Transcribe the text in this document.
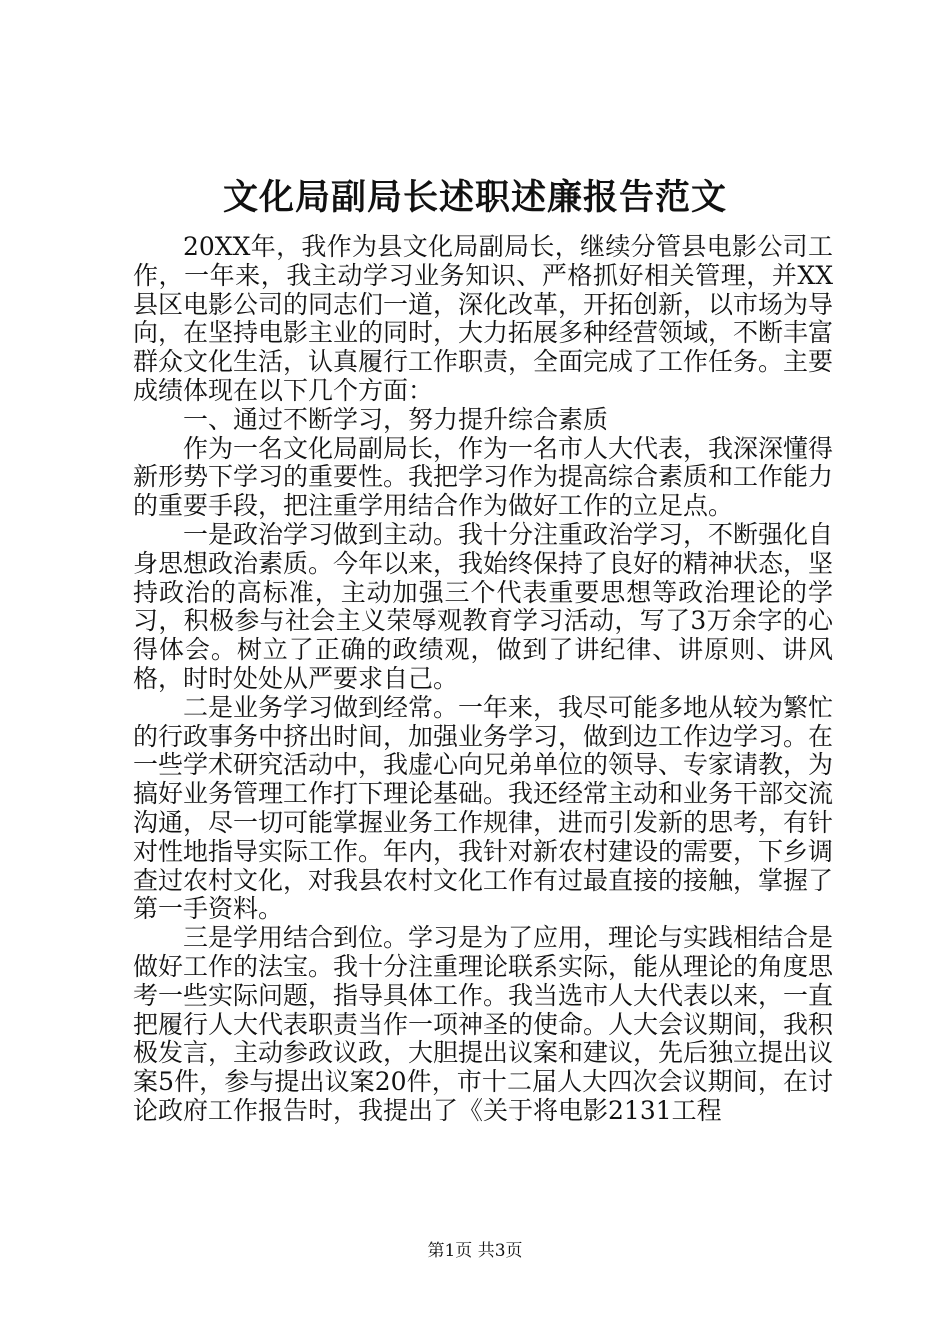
文化局副局长述职述廉报告范文

20XX年，我作为县文化局副局长，继续分管县电影公司工作，一年来，我主动学习业务知识、严格抓好相关管理，并XX县区电影公司的同志们一道，深化改革，开拓创新，以市场为导向，在坚持电影主业的同时，大力拓展多种经营领域，不断丰富群众文化生活，认真履行工作职责，全面完成了工作任务。主要成绩体现在以下几个方面：

一、通过不断学习，努力提升综合素质

作为一名文化局副局长，作为一名市人大代表，我深深懂得新形势下学习的重要性。我把学习作为提高综合素质和工作能力的重要手段，把注重学用结合作为做好工作的立足点。

一是政治学习做到主动。我十分注重政治学习，不断强化自身思想政治素质。今年以来，我始终保持了良好的精神状态，坚持政治的高标准，主动加强三个代表重要思想等政治理论的学习，积极参与社会主义荣辱观教育学习活动，写了3万余字的心得体会。树立了正确的政绩观，做到了讲纪律、讲原则、讲风格，时时处处从严要求自己。

二是业务学习做到经常。一年来，我尽可能多地从较为繁忙的行政事务中挤出时间，加强业务学习，做到边工作边学习。在一些学术研究活动中，我虚心向兄弟单位的领导、专家请教，为搞好业务管理工作打下理论基础。我还经常主动和业务干部交流沟通，尽一切可能掌握业务工作规律，进而引发新的思考，有针对性地指导实际工作。年内，我针对新农村建设的需要，下乡调查过农村文化，对我县农村文化工作有过最直接的接触，掌握了第一手资料。

三是学用结合到位。学习是为了应用，理论与实践相结合是做好工作的法宝。我十分注重理论联系实际，能从理论的角度思考一些实际问题，指导具体工作。我当选市人大代表以来，一直把履行人大代表职责当作一项神圣的使命。人大会议期间，我积极发言，主动参政议政，大胆提出议案和建议，先后独立提出议案5件，参与提出议案20件，市十二届人大四次会议期间，在讨论政府工作报告时，我提出了《关于将电影2131工程

第1页 共3页
